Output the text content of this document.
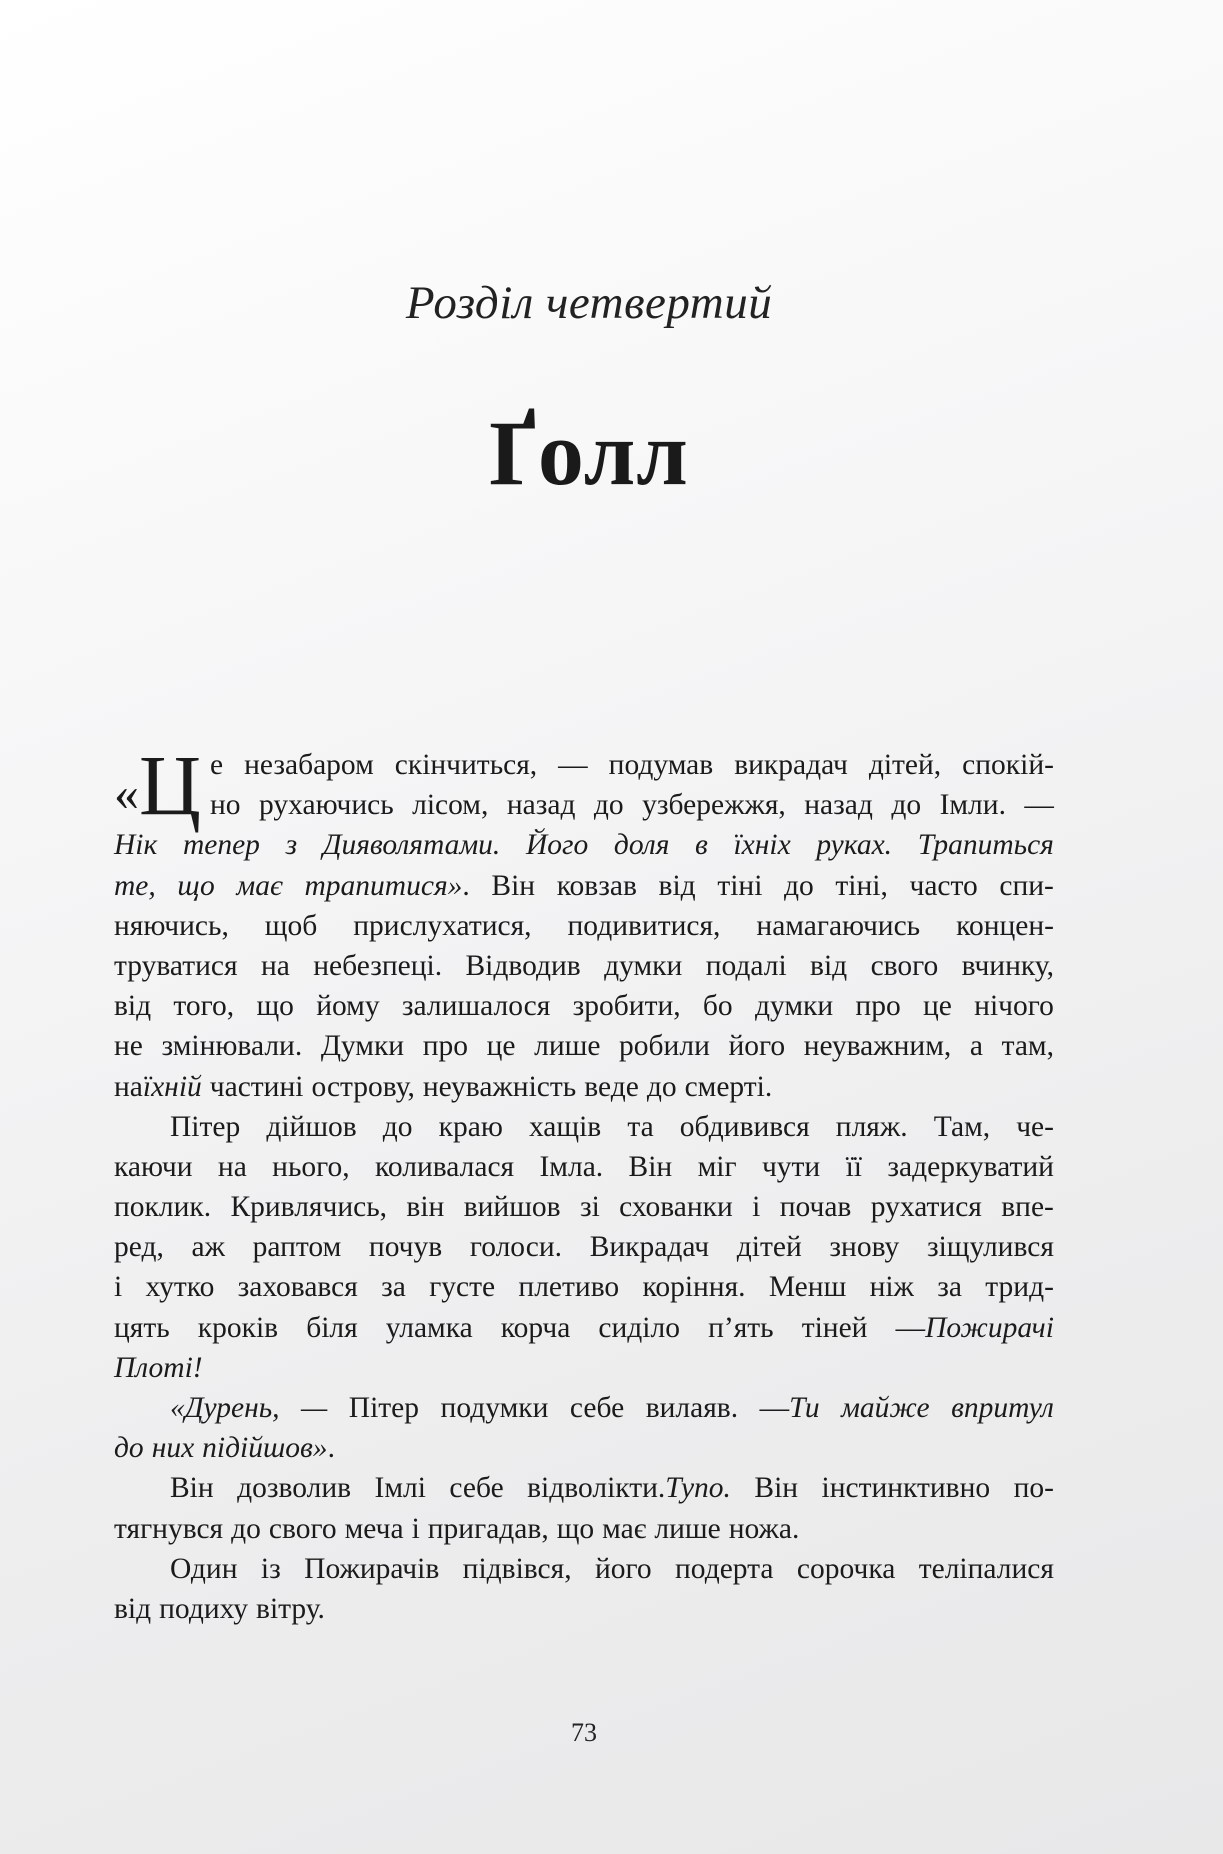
Розділ четвертий
Ґолл
«Ц е незабаром скінчиться, — подумав викрадач дітей, спокій-
но рухаючись лісом, назад до узбережжя, назад до Імли. —
Нік тепер з Дияволятами. Його доля в їхніх руках. Трапиться
те, що має трапитися». Він ковзав від тіні до тіні, часто спи-
няючись, щоб прислухатися, подивитися, намагаючись концен-
труватися на небезпеці. Відводив думки подалі від свого вчинку,
від того, що йому залишалося зробити, бо думки про це нічого
не змінювали. Думки про це лише робили його неуважним, а там,
наїхній частині острову, неуважність веде до смерті.
Пітер дійшов до краю хащів та обдивився пляж. Там, че-
каючи на нього, коливалася Імла. Він міг чути її задеркуватий
поклик. Кривлячись, він вийшов зі схованки і почав рухатися впе-
ред, аж раптом почув голоси. Викрадач дітей знову зіщулився
і хутко заховався за густе плетиво коріння. Менш ніж за трид-
цять кроків біля уламка корча сиділо п’ять тіней —Пожирачі
Плоті!
«Дурень, — Пітер подумки себе вилаяв. —Ти майже впритул
до них підійшов».
Він дозволив Імлі себе відволікти.Тупо. Він інстинктивно по-
тягнувся до свого меча і пригадав, що має лише ножа.
Один із Пожирачів підвівся, його подерта сорочка теліпалися
від подиху вітру.
73
